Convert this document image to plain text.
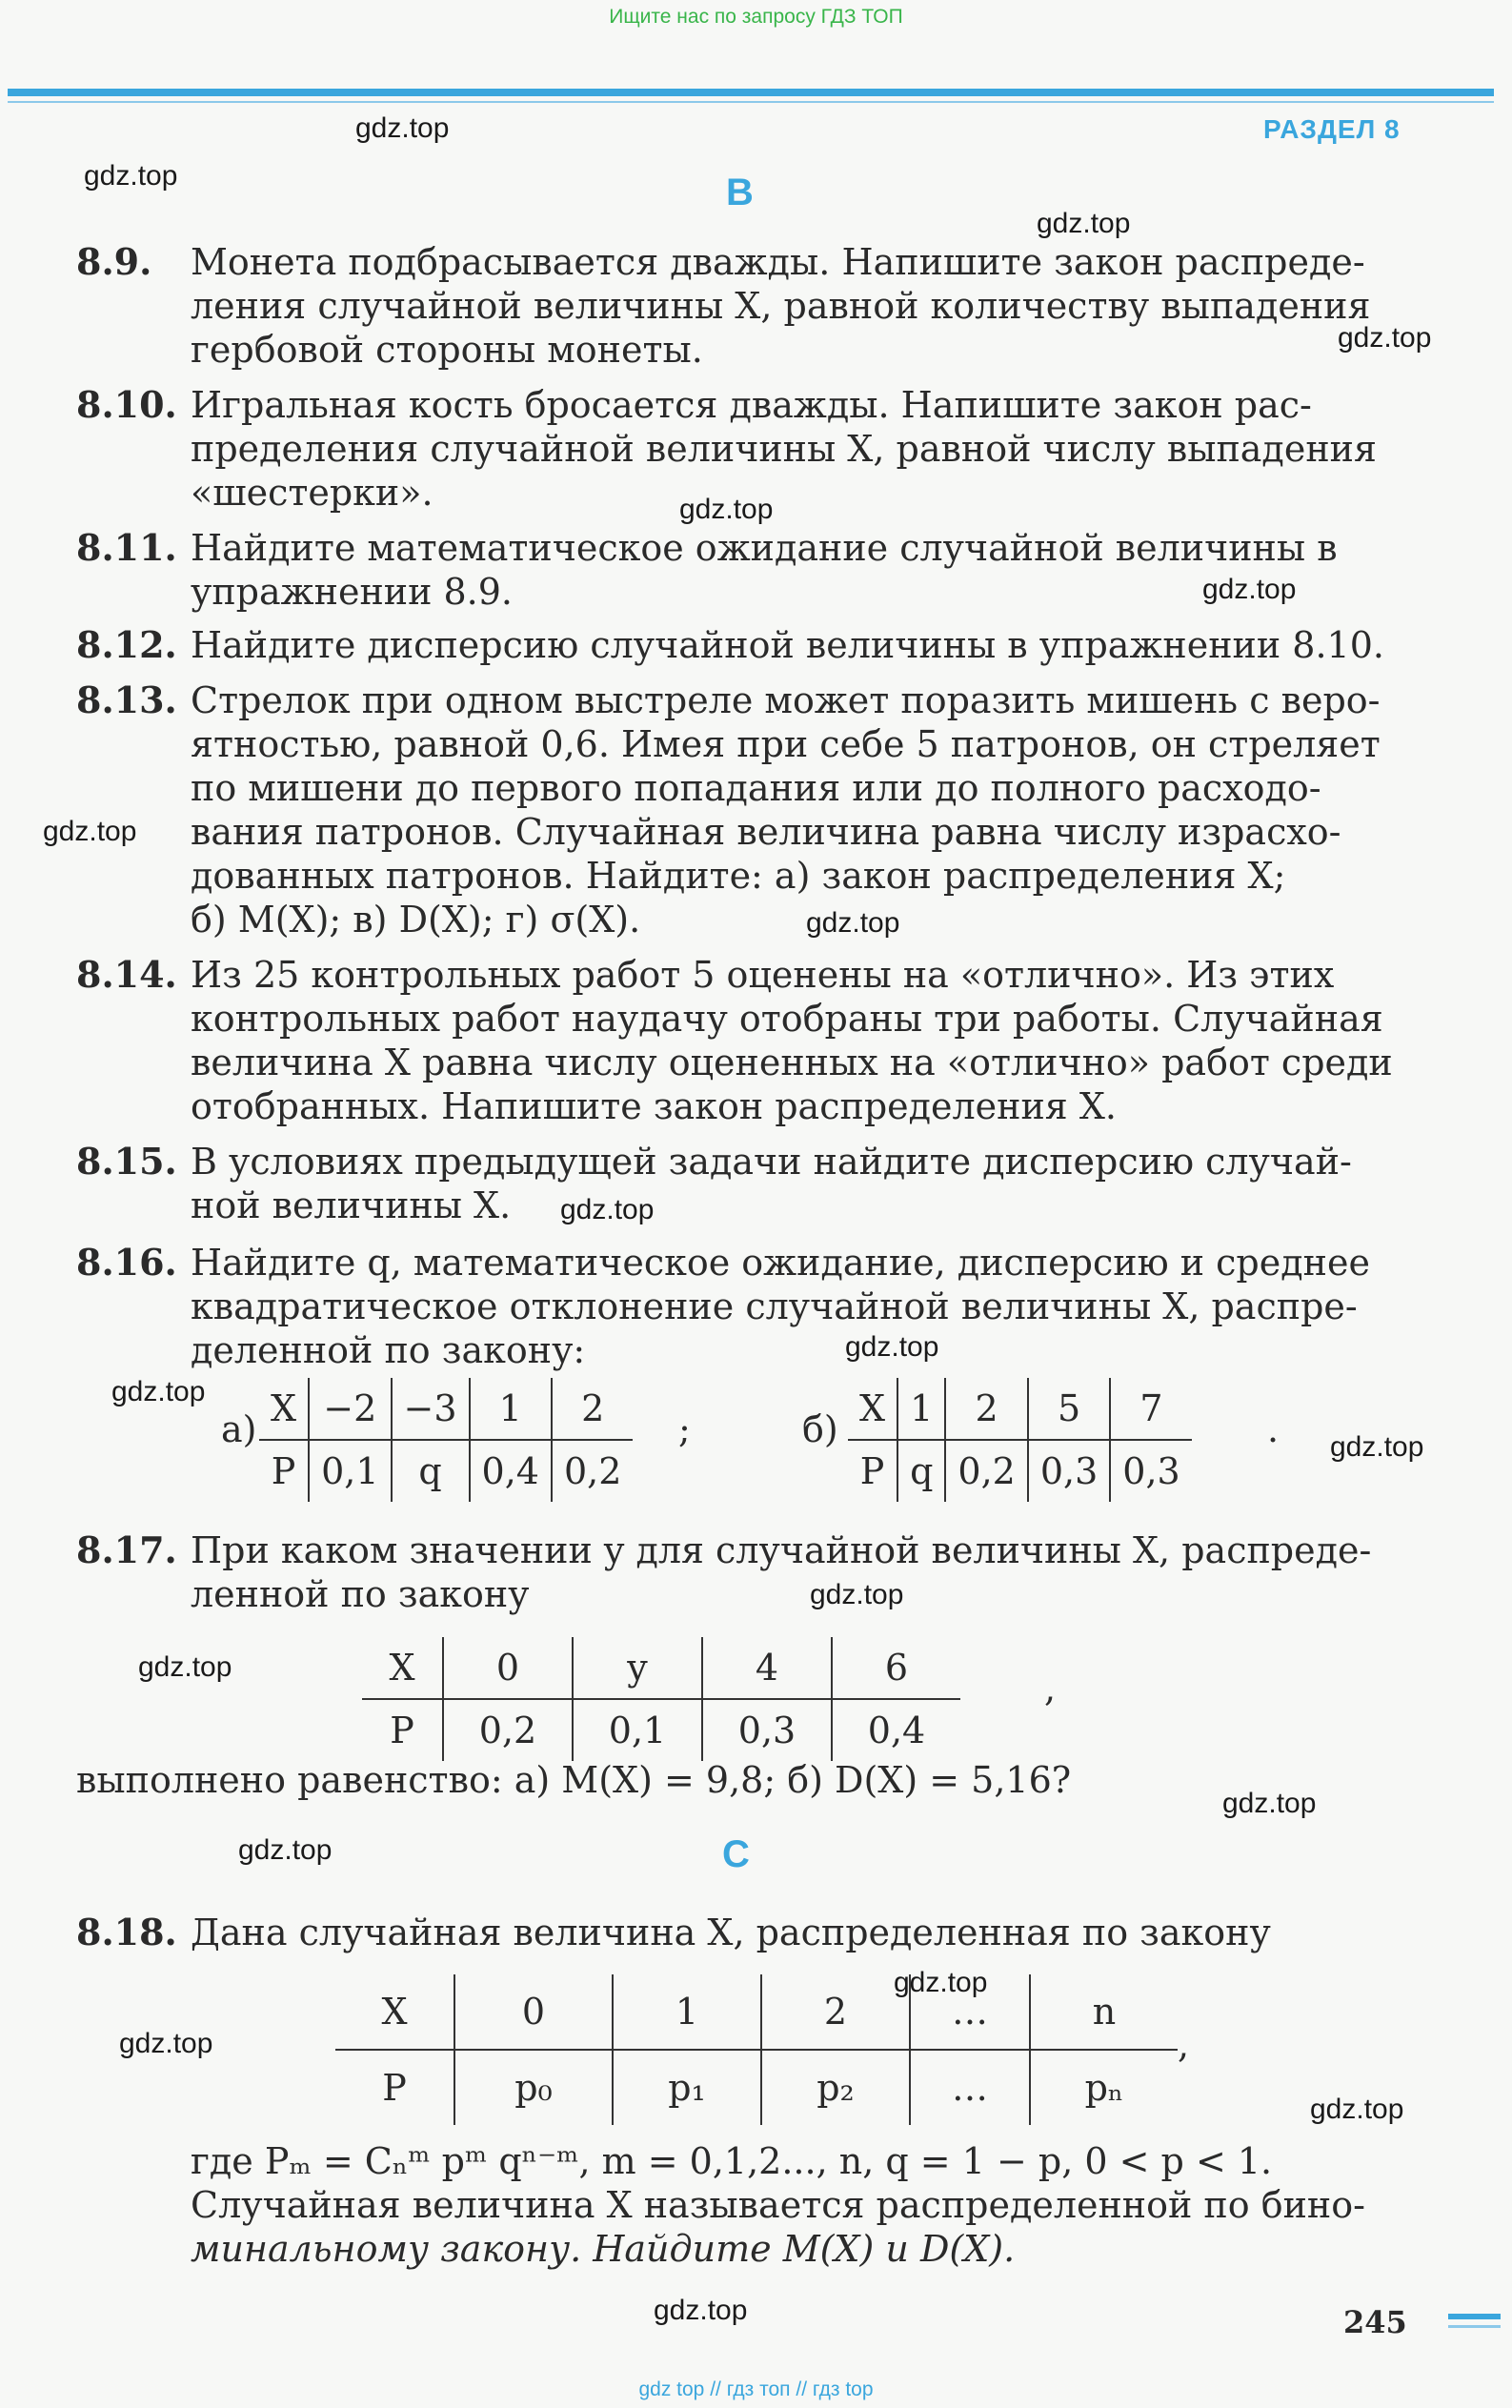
Ищите нас по запросу ГДЗ ТОП
РАЗДЕЛ 8
gdz.top
gdz.top
gdz.top
gdz.top
gdz.top
gdz.top
gdz.top
gdz.top
gdz.top
gdz.top
gdz.top
gdz.top
gdz.top
gdz.top
gdz.top
gdz.top
gdz.top
gdz.top
gdz.top
gdz.top
B
8.9. Монета подбрасывается дважды. Напишите закон распреде-
ления случайной величины X, равной количеству выпадения
гербовой стороны монеты.
8.10. Игральная кость бросается дважды. Напишите закон рас-
пределения случайной величины X, равной числу выпадения
«шестерки».
8.11. Найдите математическое ожидание случайной величины в
упражнении 8.9.
8.12. Найдите дисперсию случайной величины в упражнении 8.10.
8.13. Стрелок при одном выстреле может поразить мишень с веро-
ятностью, равной 0,6. Имея при себе 5 патронов, он стреляет
по мишени до первого попадания или до полного расходо-
вания патронов. Случайная величина равна числу израсхо-
дованных патронов. Найдите: а) закон распределения X;
б) M(X); в) D(X); г) σ(X).
8.14. Из 25 контрольных работ 5 оценены на «отлично». Из этих
контрольных работ наудачу отобраны три работы. Случайная
величина X равна числу оцененных на «отлично» работ среди
отобранных. Напишите закон распределения X.
8.15. В условиях предыдущей задачи найдите дисперсию случай-
ной величины X.
8.16. Найдите q, математическое ожидание, дисперсию и среднее
квадратическое отклонение случайной величины X, распре-
деленной по закону:
а) X	−2	−3	1	2
P	0,1	q	0,4	0,2
;	б) X	1	2	5	7
P	q	0,2	0,3	0,3
.
8.17. При каком значении y для случайной величины X, распреде-
ленной по закону
X	0	y	4	6
P	0,2	0,1	0,3	0,4
,
выполнено равенство: а) M(X) = 9,8; б) D(X) = 5,16?
C
8.18. Дана случайная величина X, распределенная по закону
X	0	1	2	…	n
P	p₀	p₁	p₂	…	pₙ
,
где Pₘ = Cₙᵐ pᵐ qⁿ⁻ᵐ, m = 0,1,2..., n, q = 1 − p, 0 < p < 1.
Случайная величина X называется распределенной по бино-
минальному закону. Найдите M(X) и D(X).
245
gdz top // гдз топ // гдз top
